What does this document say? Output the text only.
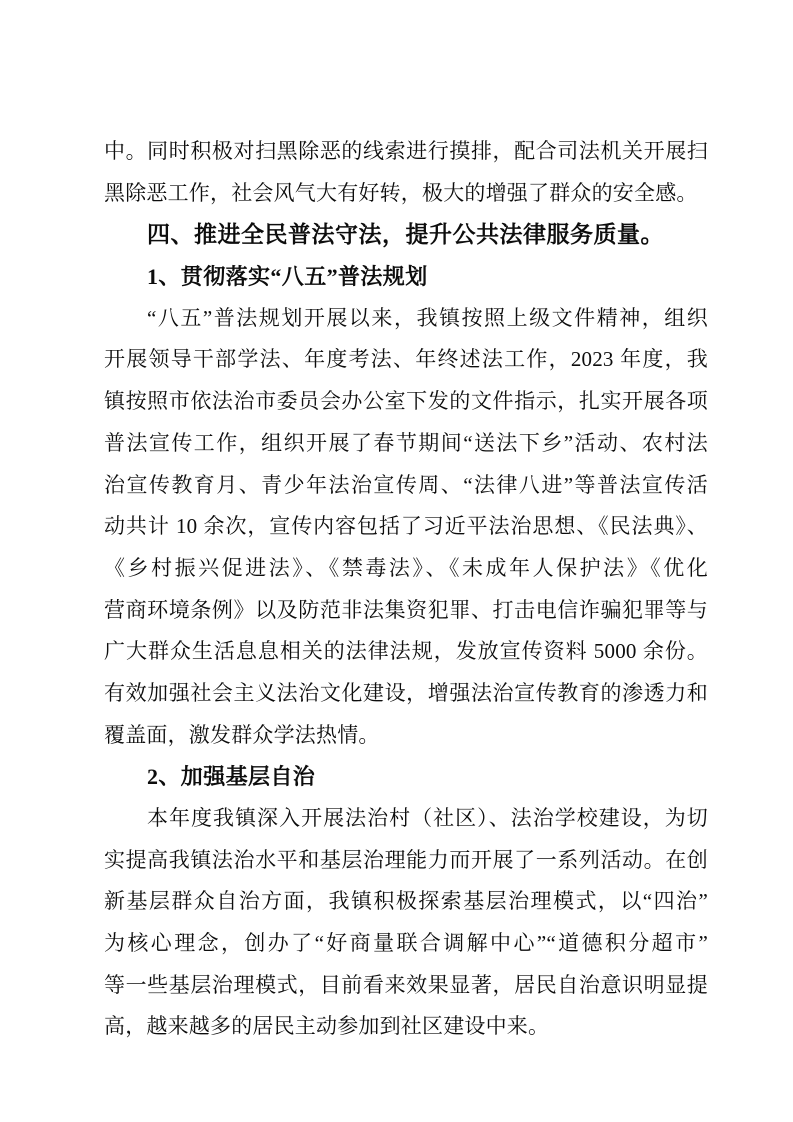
中。同时积极对扫黑除恶的线索进行摸排，配合司法机关开展扫
黑除恶工作，社会风气大有好转，极大的增强了群众的安全感。
四、推进全民普法守法，提升公共法律服务质量。
1、贯彻落实“八五”普法规划
“八五”普法规划开展以来，我镇按照上级文件精神，组织
开展领导干部学法、年度考法、年终述法工作，2023 年度，我
镇按照市依法治市委员会办公室下发的文件指示，扎实开展各项
普法宣传工作，组织开展了春节期间“送法下乡”活动、农村法
治宣传教育月、青少年法治宣传周、“法律八进”等普法宣传活
动共计 10 余次，宣传内容包括了习近平法治思想、《民法典》、
《乡村振兴促进法》、《禁毒法》、《未成年人保护法》《优化
营商环境条例》以及防范非法集资犯罪、打击电信诈骗犯罪等与
广大群众生活息息相关的法律法规，发放宣传资料 5000 余份。
有效加强社会主义法治文化建设，增强法治宣传教育的渗透力和
覆盖面，激发群众学法热情。
2、加强基层自治
本年度我镇深入开展法治村（社区）、法治学校建设，为切
实提高我镇法治水平和基层治理能力而开展了一系列活动。在创
新基层群众自治方面，我镇积极探索基层治理模式，以“四治”
为核心理念，创办了“好商量联合调解中心”“道德积分超市”
等一些基层治理模式，目前看来效果显著，居民自治意识明显提
高，越来越多的居民主动参加到社区建设中来。
